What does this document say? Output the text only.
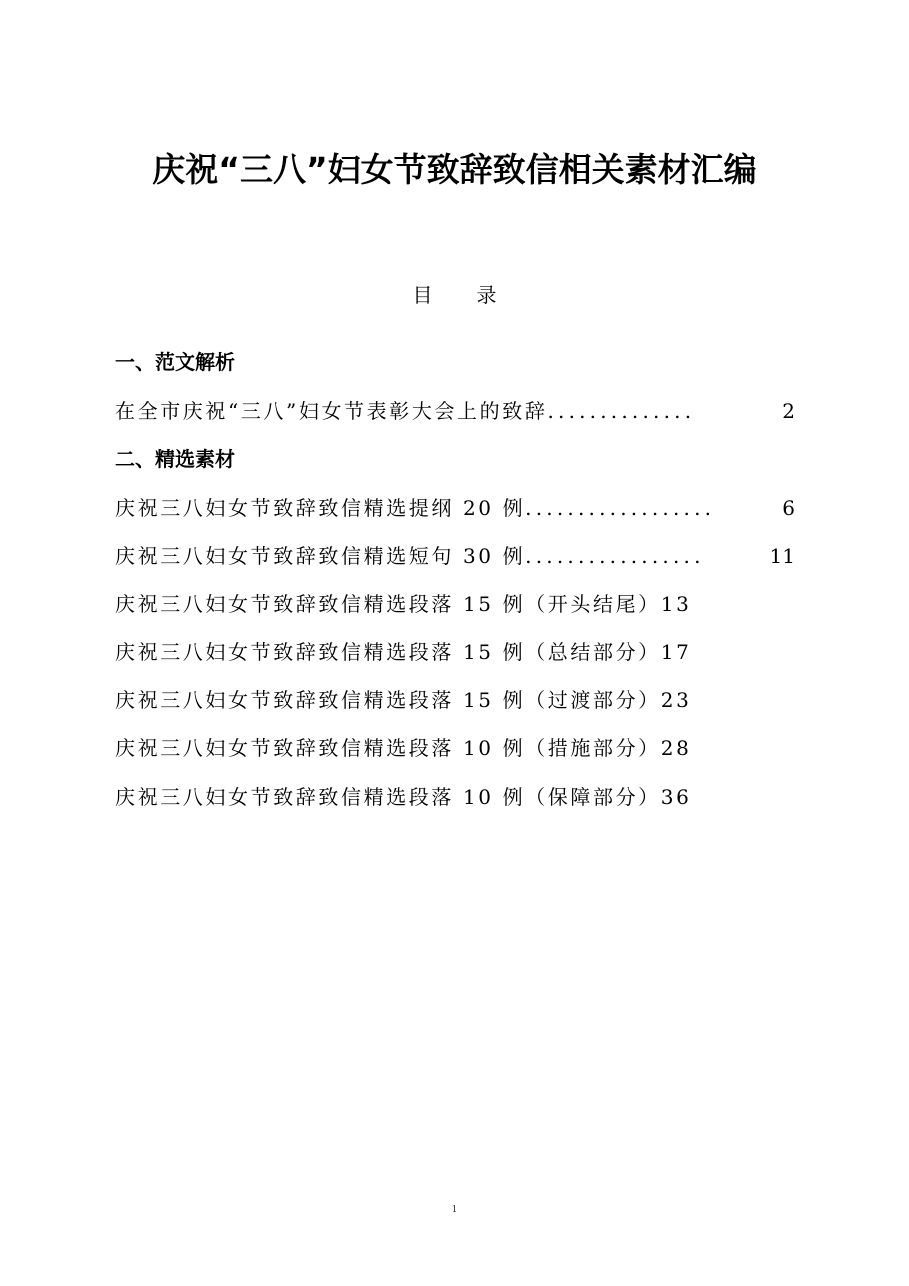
庆祝“三八”妇女节致辞致信相关素材汇编
目 录
一、范文解析
在全市庆祝“三八”妇女节表彰大会上的致辞 ..............	2
二、精选素材
庆祝三八妇女节致辞致信精选提纲 20 例 ..................	6
庆祝三八妇女节致辞致信精选短句 30 例 .................	11
庆祝三八妇女节致辞致信精选段落 15 例（开头结尾）13
庆祝三八妇女节致辞致信精选段落 15 例（总结部分）17
庆祝三八妇女节致辞致信精选段落 15 例（过渡部分）23
庆祝三八妇女节致辞致信精选段落 10 例（措施部分）28
庆祝三八妇女节致辞致信精选段落 10 例（保障部分）36
1
